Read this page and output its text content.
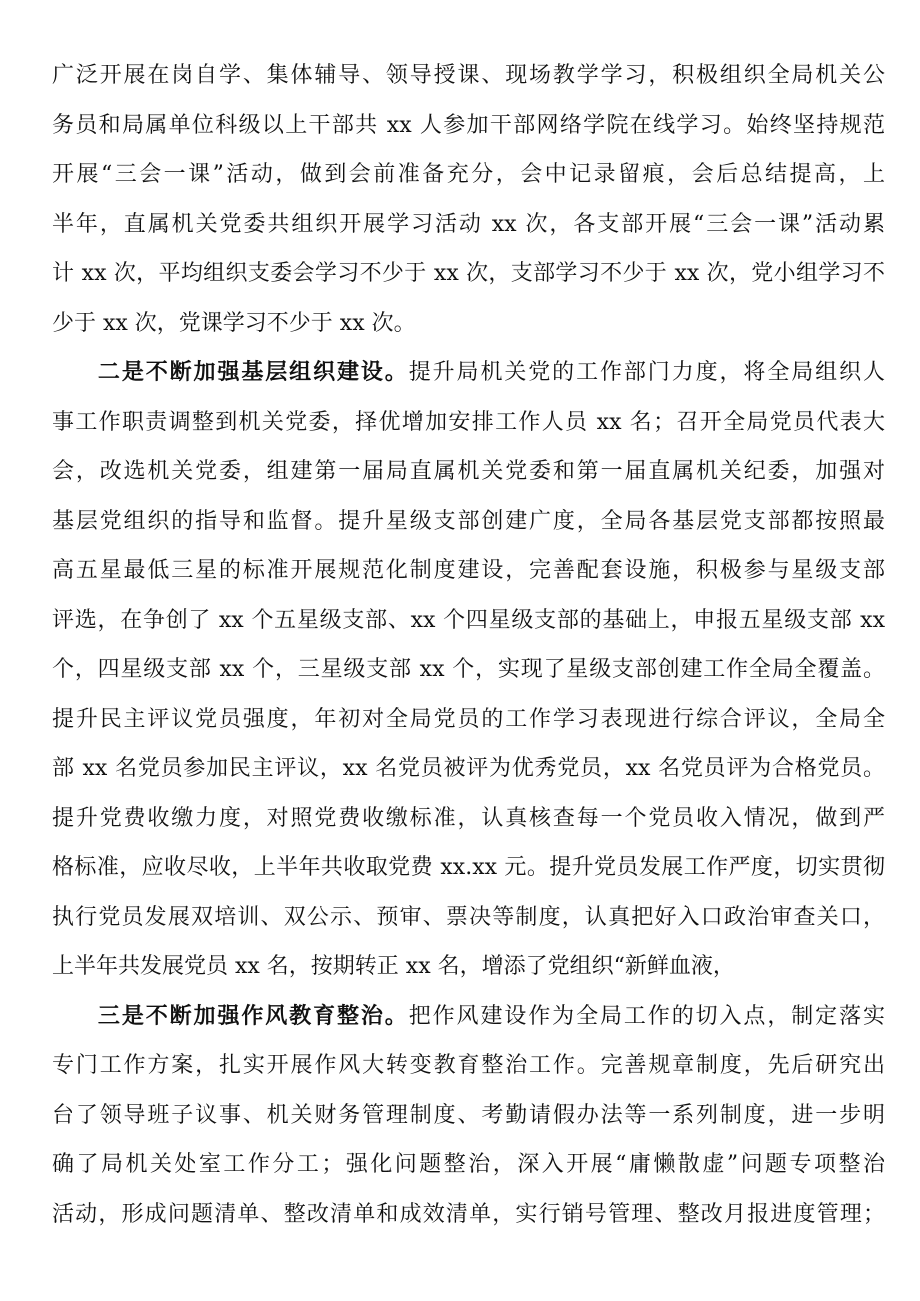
广泛开展在岗自学、集体辅导、领导授课、现场教学学习，积极组织全局机关公
务员和局属单位科级以上干部共 xx 人参加干部网络学院在线学习。始终坚持规范
开展“三会一课”活动，做到会前准备充分，会中记录留痕，会后总结提高，上
半年，直属机关党委共组织开展学习活动 xx 次，各支部开展“三会一课”活动累
计 xx 次，平均组织支委会学习不少于 xx 次，支部学习不少于 xx 次，党小组学习不
少于 xx 次，党课学习不少于 xx 次。
二是不断加强基层组织建设。提升局机关党的工作部门力度，将全局组织人
事工作职责调整到机关党委，择优增加安排工作人员 xx 名；召开全局党员代表大
会，改选机关党委，组建第一届局直属机关党委和第一届直属机关纪委，加强对
基层党组织的指导和监督。提升星级支部创建广度，全局各基层党支部都按照最
高五星最低三星的标准开展规范化制度建设，完善配套设施，积极参与星级支部
评选，在争创了 xx 个五星级支部、xx 个四星级支部的基础上，申报五星级支部 xx
个，四星级支部 xx 个，三星级支部 xx 个，实现了星级支部创建工作全局全覆盖。
提升民主评议党员强度，年初对全局党员的工作学习表现进行综合评议，全局全
部 xx 名党员参加民主评议，xx 名党员被评为优秀党员，xx 名党员评为合格党员。
提升党费收缴力度，对照党费收缴标准，认真核查每一个党员收入情况，做到严
格标准，应收尽收，上半年共收取党费 xx.xx 元。提升党员发展工作严度，切实贯彻
执行党员发展双培训、双公示、预审、票决等制度，认真把好入口政治审查关口，
上半年共发展党员 xx 名，按期转正 xx 名，增添了党组织“新鲜血液，
三是不断加强作风教育整治。把作风建设作为全局工作的切入点，制定落实
专门工作方案，扎实开展作风大转变教育整治工作。完善规章制度，先后研究出
台了领导班子议事、机关财务管理制度、考勤请假办法等一系列制度，进一步明
确了局机关处室工作分工；强化问题整治，深入开展“庸懒散虚”问题专项整治
活动，形成问题清单、整改清单和成效清单，实行销号管理、整改月报进度管理；
